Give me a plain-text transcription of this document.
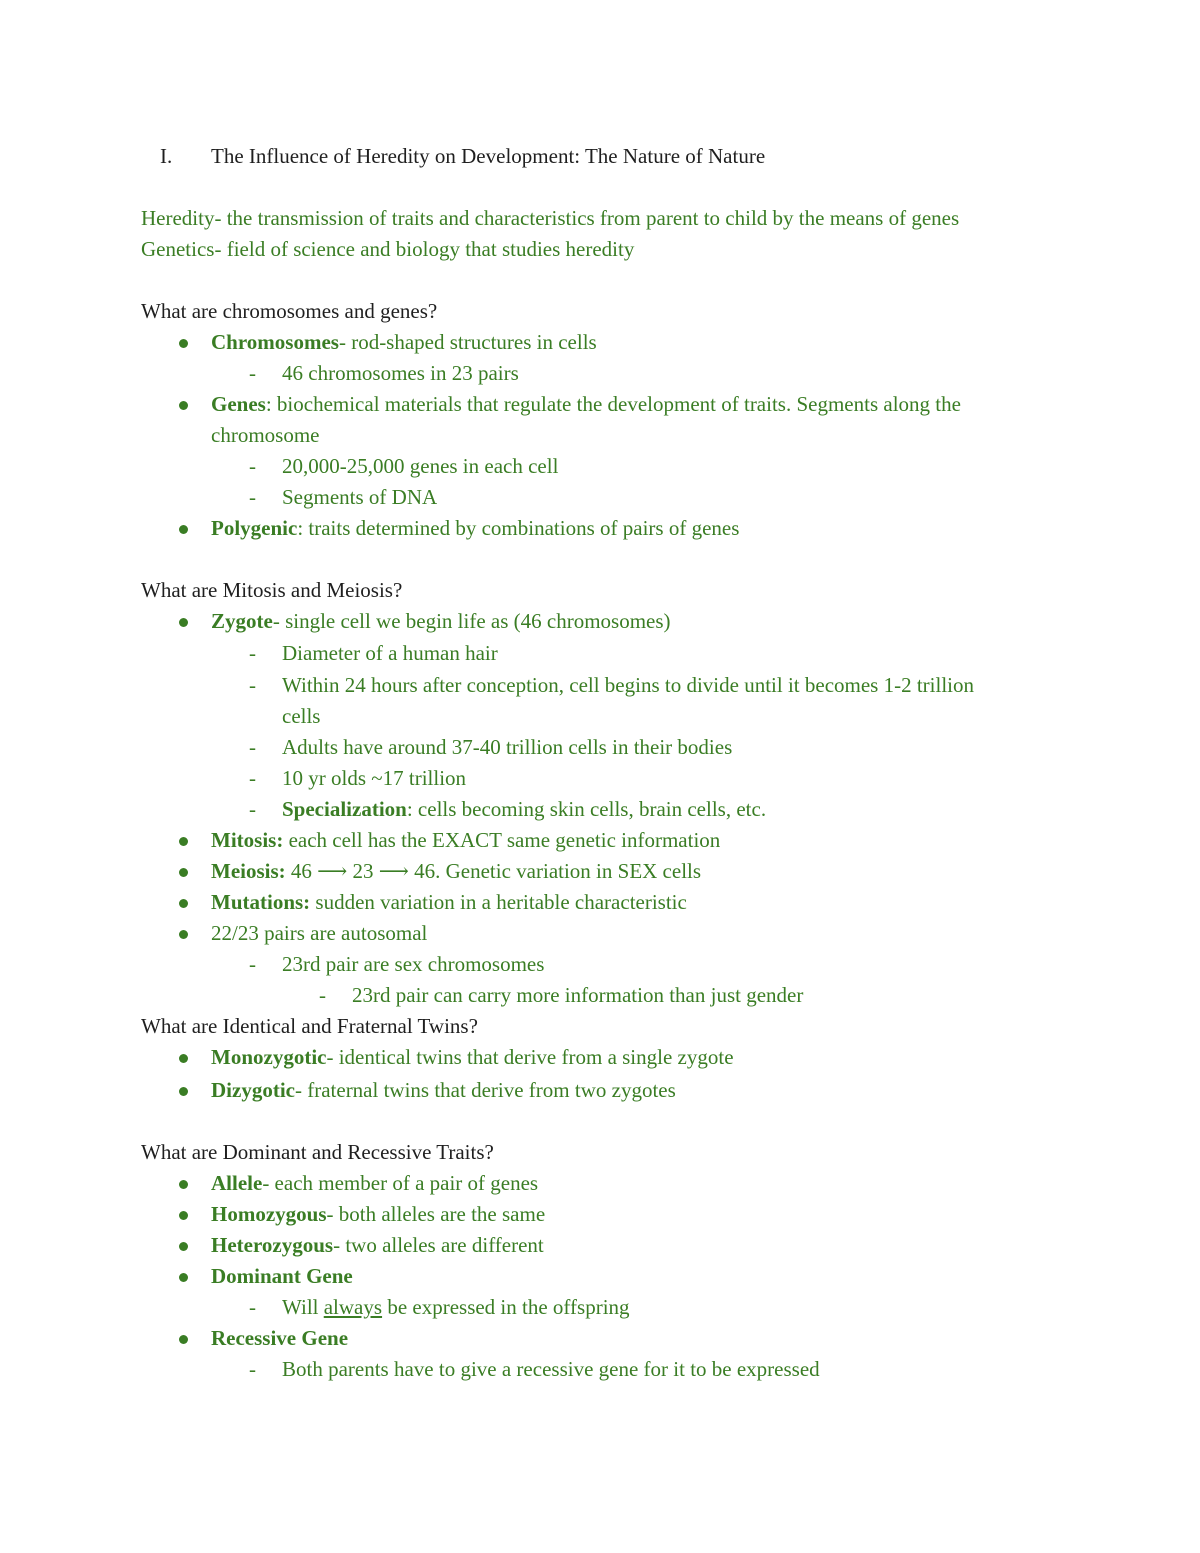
I. The Influence of Heredity on Development: The Nature of Nature
Heredity- the transmission of traits and characteristics from parent to child by the means of genes
Genetics- field of science and biology that studies heredity
What are chromosomes and genes?
Chromosomes- rod-shaped structures in cells
- 46 chromosomes in 23 pairs
Genes: biochemical materials that regulate the development of traits. Segments along the
chromosome
- 20,000-25,000 genes in each cell
- Segments of DNA
Polygenic: traits determined by combinations of pairs of genes
What are Mitosis and Meiosis?
Zygote- single cell we begin life as (46 chromosomes)
- Diameter of a human hair
- Within 24 hours after conception, cell begins to divide until it becomes 1-2 trillion
cells
- Adults have around 37-40 trillion cells in their bodies
- 10 yr olds ~17 trillion
- Specialization: cells becoming skin cells, brain cells, etc.
Mitosis: each cell has the EXACT same genetic information
Meiosis: 46 ⟶ 23 ⟶ 46. Genetic variation in SEX cells
Mutations: sudden variation in a heritable characteristic
22/23 pairs are autosomal
- 23rd pair are sex chromosomes
- 23rd pair can carry more information than just gender
What are Identical and Fraternal Twins?
Monozygotic- identical twins that derive from a single zygote
Dizygotic- fraternal twins that derive from two zygotes
What are Dominant and Recessive Traits?
Allele- each member of a pair of genes
Homozygous- both alleles are the same
Heterozygous- two alleles are different
Dominant Gene
- Will always be expressed in the offspring
Recessive Gene
- Both parents have to give a recessive gene for it to be expressed
